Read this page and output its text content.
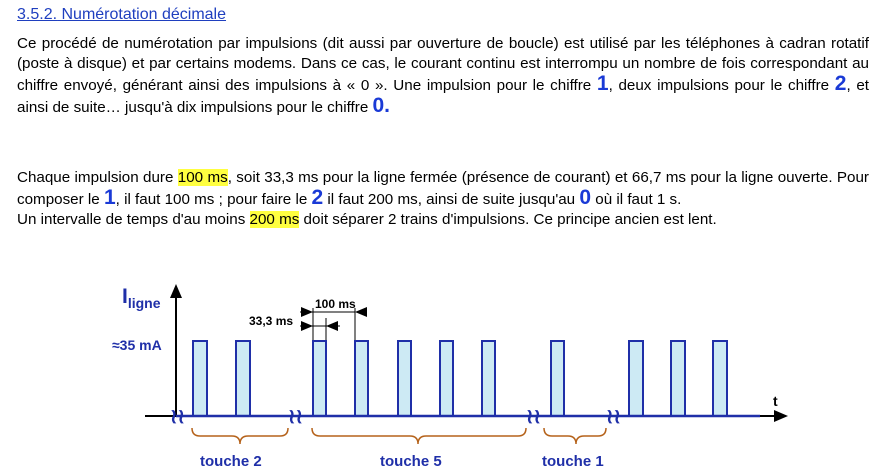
3.5.2. Numérotation décimale
Ce procédé de numérotation par impulsions (dit aussi par ouverture de boucle) est utilisé par les téléphones à cadran rotatif (poste à disque) et par certains modems. Dans ce cas, le courant continu est interrompu un nombre de fois correspondant au chiffre envoyé, générant ainsi des impulsions à « 0 ». Une impulsion pour le chiffre 1, deux impulsions pour le chiffre 2, et ainsi de suite… jusqu'à dix impulsions pour le chiffre 0.
Chaque impulsion dure 100 ms, soit 33,3 ms pour la ligne fermée (présence de courant) et 66,7 ms pour la ligne ouverte. Pour composer le 1, il faut 100 ms ; pour faire le 2 il faut 200 ms, ainsi de suite jusqu'au 0 où il faut 1 s.
Un intervalle de temps d'au moins 200 ms doit séparer 2 trains d'impulsions. Ce principe ancien est lent.
$I_{ligne}$
≈35 mA
t
100 ms
33,3 ms
≀≀	≀≀	≀≀	≀≀
touche 2	touche 5	touche 1
